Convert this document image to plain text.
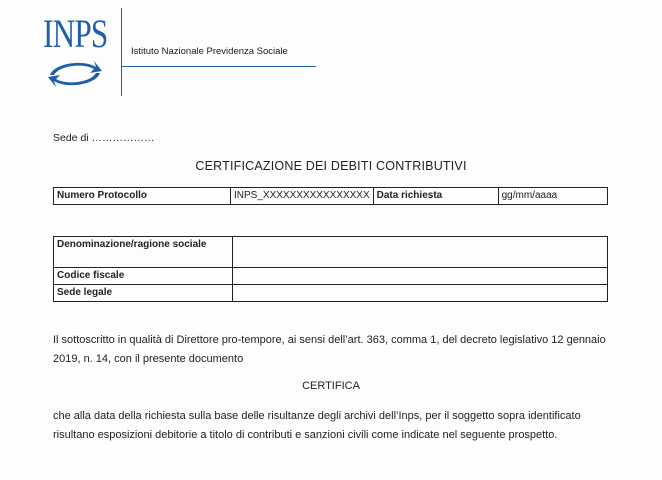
INPS Istituto Nazionale Previdenza Sociale
Sede di ………………
CERTIFICAZIONE DEI DEBITI CONTRIBUTIVI
Numero Protocollo	INPS_XXXXXXXXXXXXXXXX	Data richiesta	gg/mm/aaaa
Denominazione/ragione sociale	
Codice fiscale	
Sede legale	
Il sottoscritto in qualità di Direttore pro-tempore, ai sensi dell’art. 363, comma 1, del decreto legislativo 12 gennaio 2019, n. 14, con il presente documento
CERTIFICA
che alla data della richiesta sulla base delle risultanze degli archivi dell’Inps, per il soggetto sopra identificato risultano esposizioni debitorie a titolo di contributi e sanzioni civili come indicate nel seguente prospetto.
